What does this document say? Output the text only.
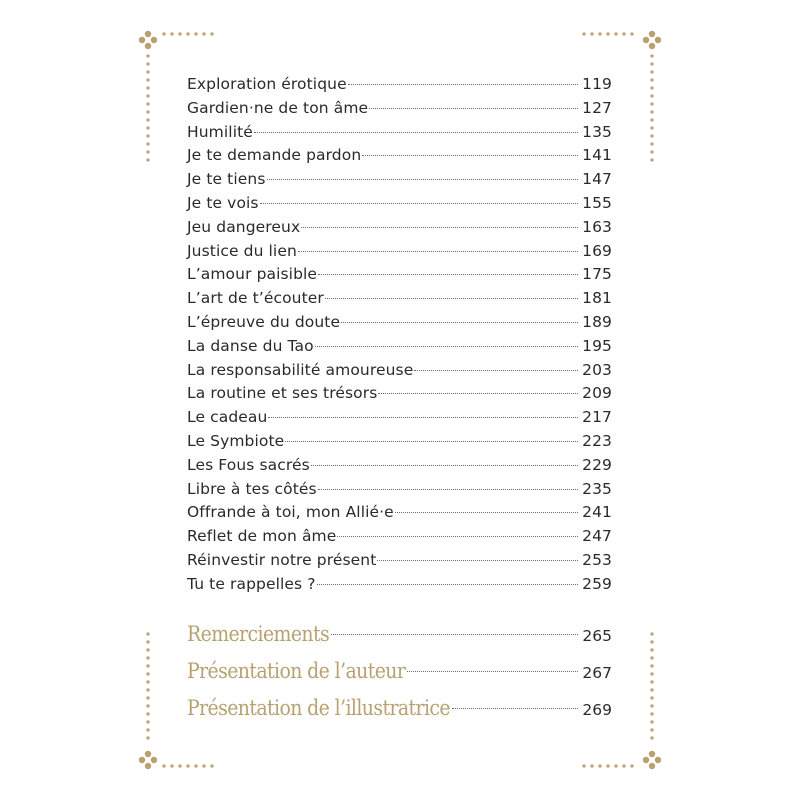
Exploration érotique	119
Gardien·ne de ton âme	127
Humilité	135
Je te demande pardon	141
Je te tiens	147
Je te vois	155
Jeu dangereux	163
Justice du lien	169
L’amour paisible	175
L’art de t’écouter	181
L’épreuve du doute	189
La danse du Tao	195
La responsabilité amoureuse	203
La routine et ses trésors	209
Le cadeau	217
Le Symbiote	223
Les Fous sacrés	229
Libre à tes côtés	235
Offrande à toi, mon Allié·e	241
Reflet de mon âme	247
Réinvestir notre présent	253
Tu te rappelles ?	259
Remerciements	265
Présentation de l’auteur	267
Présentation de l’illustratrice	269
